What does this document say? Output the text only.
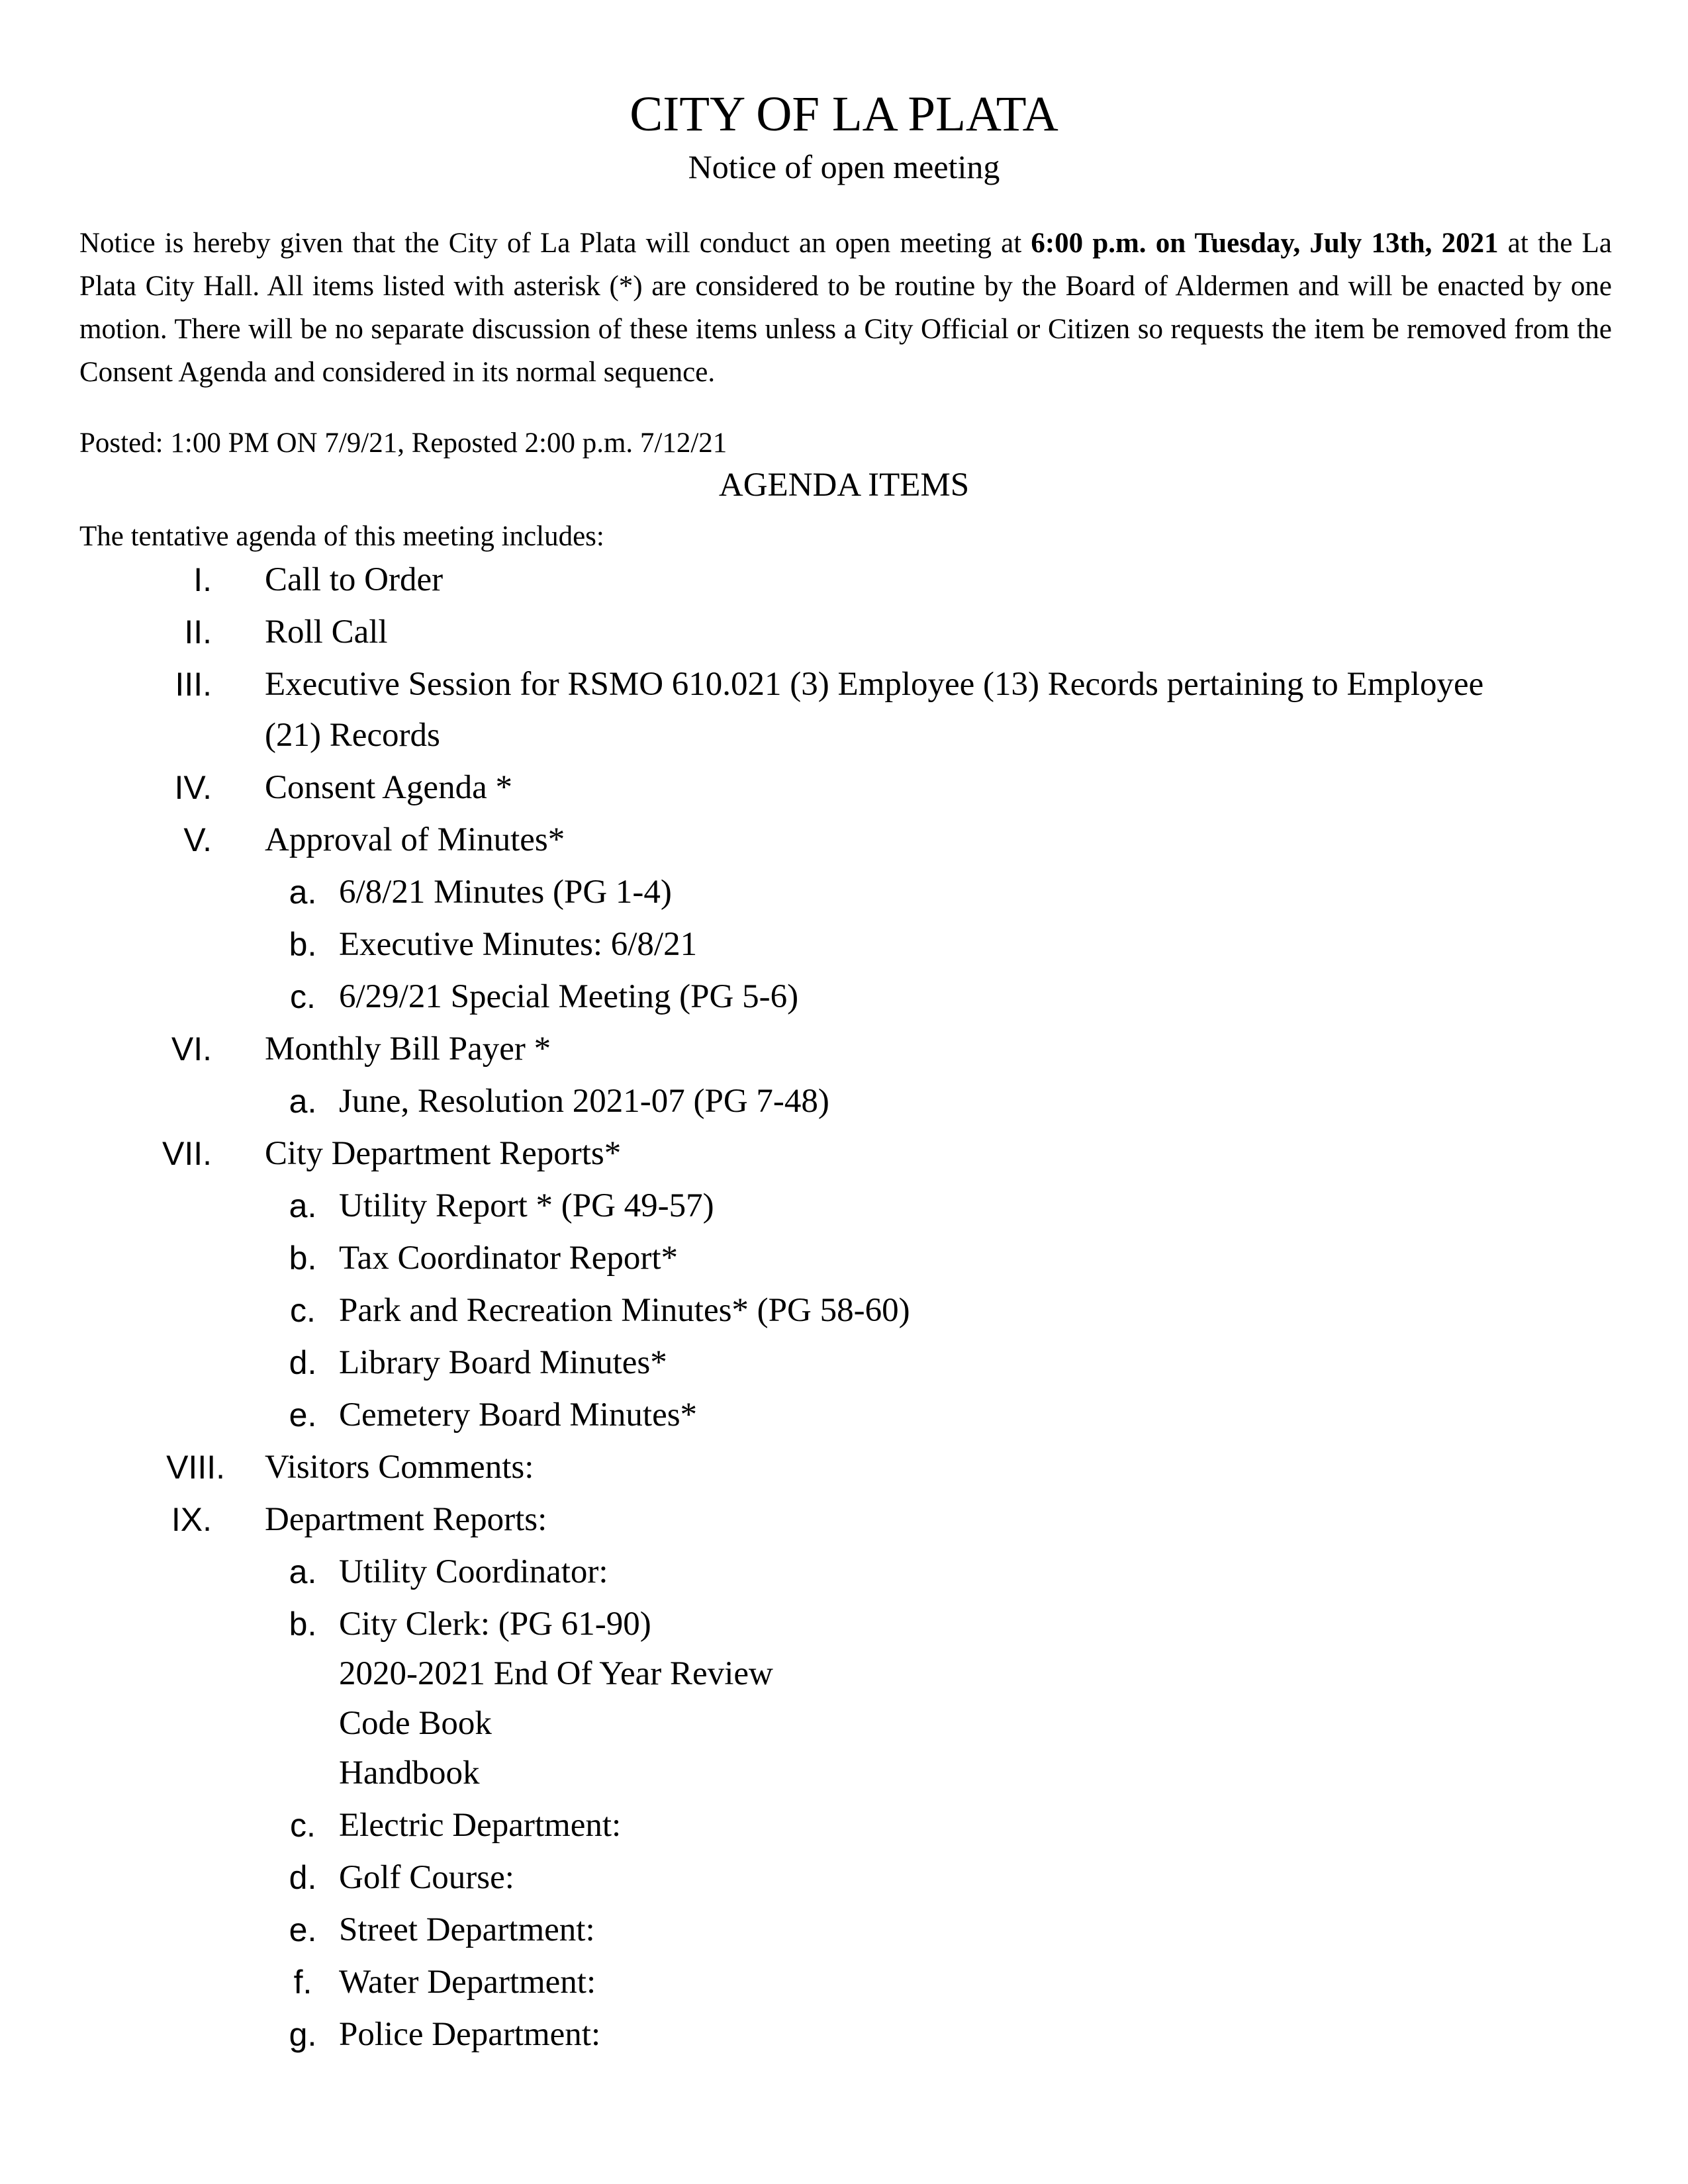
CITY OF LA PLATA
Notice of open meeting
Notice is hereby given that the City of La Plata will conduct an open meeting at 6:00 p.m. on Tuesday, July 13th, 2021 at the La Plata City Hall. All items listed with asterisk (*) are considered to be routine by the Board of Aldermen and will be enacted by one motion. There will be no separate discussion of these items unless a City Official or Citizen so requests the item be removed from the Consent Agenda and considered in its normal sequence.
Posted: 1:00 PM ON 7/9/21, Reposted 2:00 p.m. 7/12/21
AGENDA ITEMS
The tentative agenda of this meeting includes:
I. Call to Order
II. Roll Call
III. Executive Session for RSMO 610.021 (3) Employee (13) Records pertaining to Employee
(21) Records
IV. Consent Agenda *
V. Approval of Minutes*
a. 6/8/21 Minutes (PG 1-4)
b. Executive Minutes: 6/8/21
c. 6/29/21 Special Meeting (PG 5-6)
VI. Monthly Bill Payer *
a. June, Resolution 2021-07 (PG 7-48)
VII. City Department Reports*
a. Utility Report * (PG 49-57)
b. Tax Coordinator Report*
c. Park and Recreation Minutes* (PG 58-60)
d. Library Board Minutes*
e. Cemetery Board Minutes*
VIII. Visitors Comments:
IX. Department Reports:
a. Utility Coordinator:
b. City Clerk: (PG 61-90)
2020-2021 End Of Year Review
Code Book
Handbook
c. Electric Department:
d. Golf Course:
e. Street Department:
f. Water Department:
g. Police Department:
